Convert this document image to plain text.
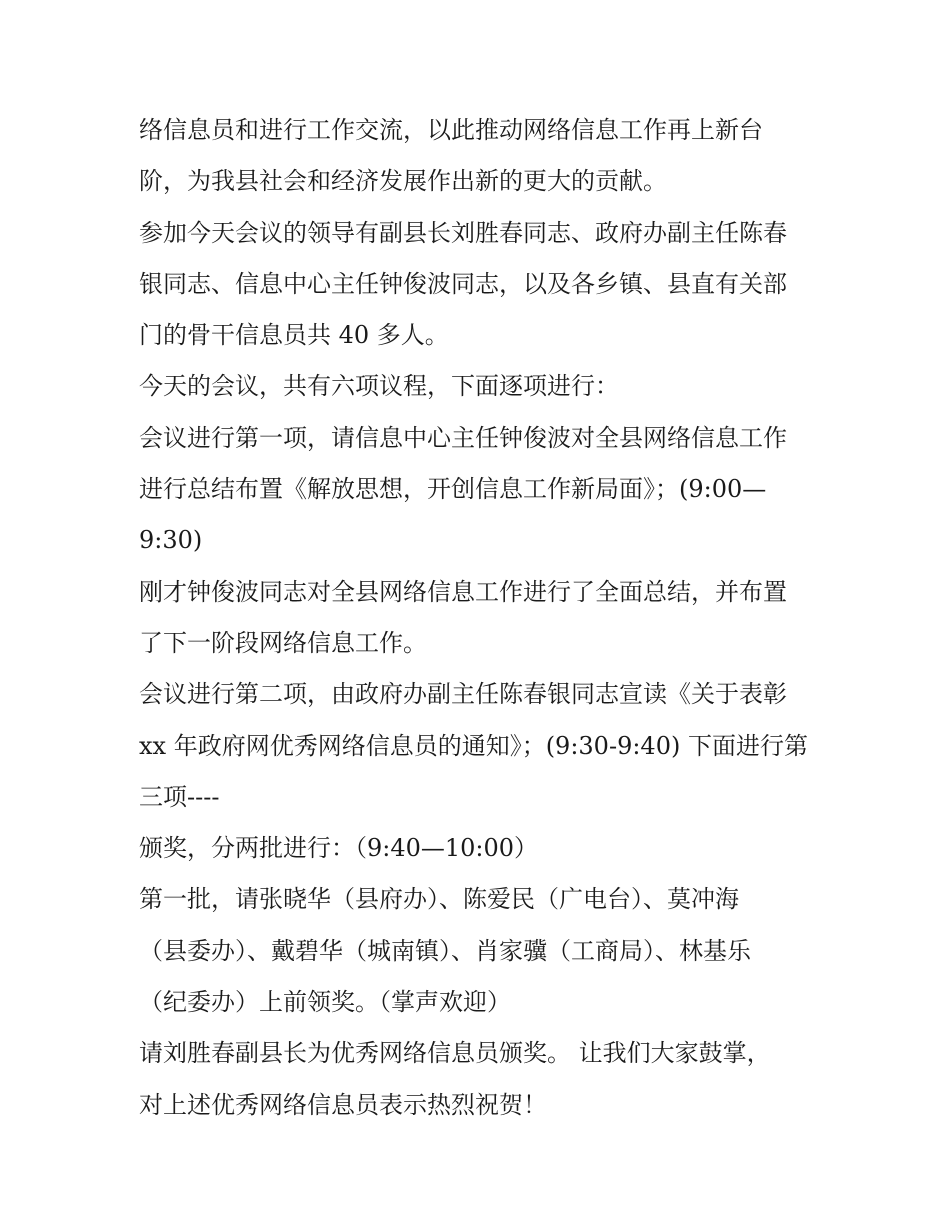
络信息员和进行工作交流，以此推动网络信息工作再上新台
阶，为我县社会和经济发展作出新的更大的贡献。

参加今天会议的领导有副县长刘胜春同志、政府办副主任陈春
银同志、信息中心主任钟俊波同志，以及各乡镇、县直有关部
门的骨干信息员共 40 多人。

今天的会议，共有六项议程，下面逐项进行：

会议进行第一项，请信息中心主任钟俊波对全县网络信息工作
进行总结布置《解放思想，开创信息工作新局面》；(9:00—
9:30)

刚才钟俊波同志对全县网络信息工作进行了全面总结，并布置
了下一阶段网络信息工作。

会议进行第二项，由政府办副主任陈春银同志宣读《关于表彰
xx 年政府网优秀网络信息员的通知》；(9:30-9:40) 下面进行第
三项----

颁奖，分两批进行：（9:40—10:00）

第一批，请张晓华（县府办）、陈爱民（广电台）、莫冲海
（县委办）、戴碧华（城南镇）、肖家骥（工商局）、林基乐
（纪委办）上前领奖。（掌声欢迎）

请刘胜春副县长为优秀网络信息员颁奖。 让我们大家鼓掌，
对上述优秀网络信息员表示热烈祝贺！
